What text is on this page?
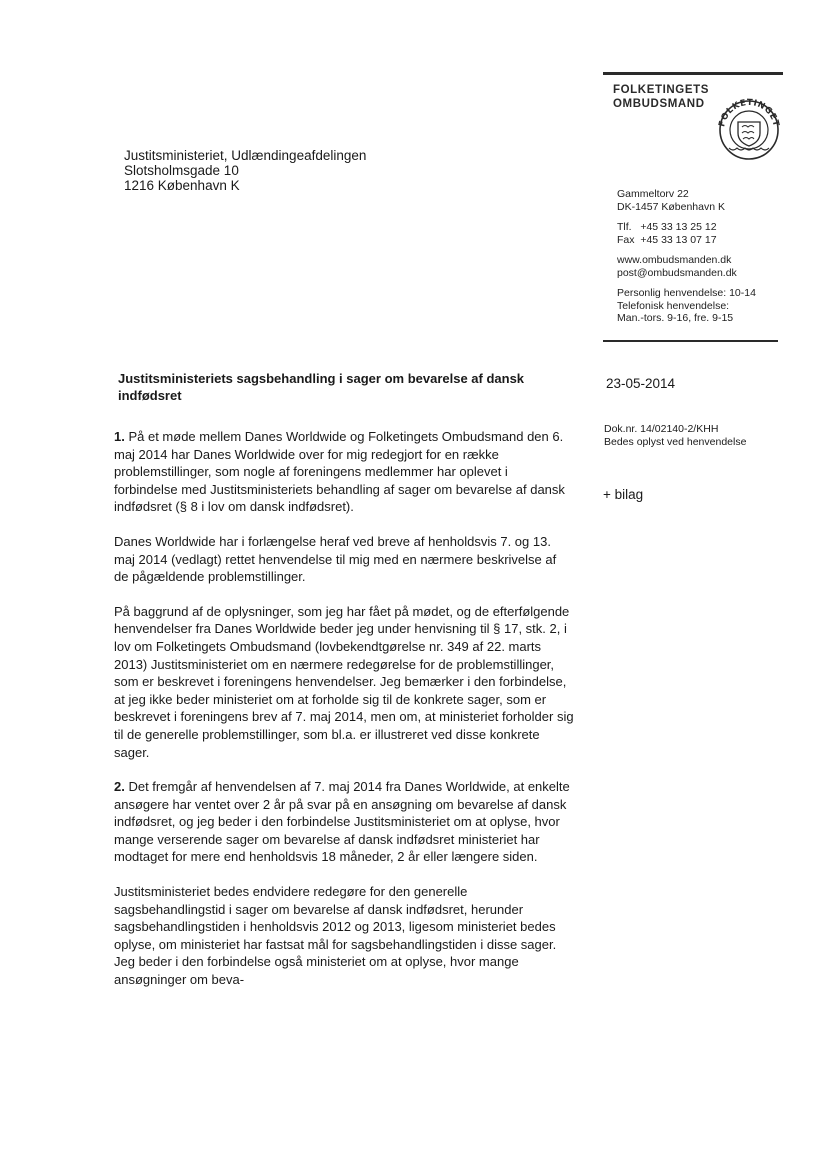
FOLKETINGETS
OMBUDSMAND
FOLKETINGET
Gammeltorv 22
DK-1457 København K
Tlf.   +45 33 13 25 12
Fax  +45 33 13 07 17
www.ombudsmanden.dk
post@ombudsmanden.dk
Personlig henvendelse: 10-14
Telefonisk henvendelse:
Man.-tors. 9-16, fre. 9-15
Justitsministeriet, Udlændingeafdelingen
Slotsholmsgade 10
1216 København K
23-05-2014
Dok.nr. 14/02140-2/KHH
Bedes oplyst ved henvendelse
+ bilag
Justitsministeriets sagsbehandling i sager om bevarelse af dansk indfødsret

1. På et møde mellem Danes Worldwide og Folketingets Ombudsmand den 6. maj 2014 har Danes Worldwide over for mig redegjort for en række problemstillinger, som nogle af foreningens medlemmer har oplevet i forbindelse med Justitsministeriets behandling af sager om bevarelse af dansk indfødsret (§ 8 i lov om dansk indfødsret).

Danes Worldwide har i forlængelse heraf ved breve af henholdsvis 7. og 13. maj 2014 (vedlagt) rettet henvendelse til mig med en nærmere beskrivelse af de pågældende problemstillinger.

På baggrund af de oplysninger, som jeg har fået på mødet, og de efterfølgende henvendelser fra Danes Worldwide beder jeg under henvisning til § 17, stk. 2, i lov om Folketingets Ombudsmand (lovbekendtgørelse nr. 349 af 22. marts 2013) Justitsministeriet om en nærmere redegørelse for de problemstillinger, som er beskrevet i foreningens henvendelser. Jeg bemærker i den forbindelse, at jeg ikke beder ministeriet om at forholde sig til de konkrete sager, som er beskrevet i foreningens brev af 7. maj 2014, men om, at ministeriet forholder sig til de generelle problemstillinger, som bl.a. er illustreret ved disse konkrete sager.

2. Det fremgår af henvendelsen af 7. maj 2014 fra Danes Worldwide, at enkelte ansøgere har ventet over 2 år på svar på en ansøgning om bevarelse af dansk indfødsret, og jeg beder i den forbindelse Justitsministeriet om at oplyse, hvor mange verserende sager om bevarelse af dansk indfødsret ministeriet har modtaget for mere end henholdsvis 18 måneder, 2 år eller længere siden.

Justitsministeriet bedes endvidere redegøre for den generelle sagsbehandlingstid i sager om bevarelse af dansk indfødsret, herunder sagsbehandlingstiden i henholdsvis 2012 og 2013, ligesom ministeriet bedes oplyse, om ministeriet har fastsat mål for sagsbehandlingstiden i disse sager. Jeg beder i den forbindelse også ministeriet om at oplyse, hvor mange ansøgninger om beva-
